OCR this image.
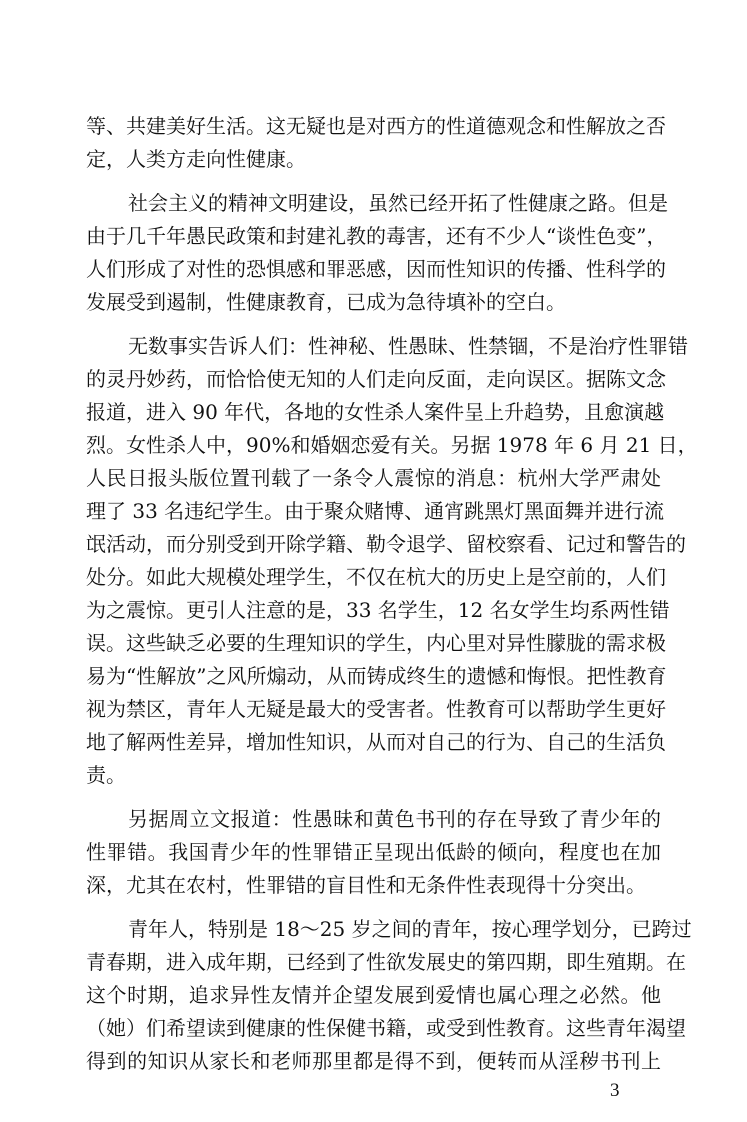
等、共建美好生活。这无疑也是对西方的性道德观念和性解放之否
定，人类方走向性健康。
社会主义的精神文明建设，虽然已经开拓了性健康之路。但是
由于几千年愚民政策和封建礼教的毒害，还有不少人“谈性色变”，
人们形成了对性的恐惧感和罪恶感，因而性知识的传播、性科学的
发展受到遏制，性健康教育，已成为急待填补的空白。
无数事实告诉人们：性神秘、性愚昧、性禁锢，不是治疗性罪错
的灵丹妙药，而恰恰使无知的人们走向反面，走向误区。据陈文念
报道，进入 90 年代，各地的女性杀人案件呈上升趋势，且愈演越
烈。女性杀人中，90%和婚姻恋爱有关。另据 1978 年 6 月 21 日，
人民日报头版位置刊载了一条令人震惊的消息：杭州大学严肃处
理了 33 名违纪学生。由于聚众赌博、通宵跳黑灯黑面舞并进行流
氓活动，而分别受到开除学籍、勒令退学、留校察看、记过和警告的
处分。如此大规模处理学生，不仅在杭大的历史上是空前的，人们
为之震惊。更引人注意的是，33 名学生，12 名女学生均系两性错
误。这些缺乏必要的生理知识的学生，内心里对异性朦胧的需求极
易为“性解放”之风所煽动，从而铸成终生的遗憾和悔恨。把性教育
视为禁区，青年人无疑是最大的受害者。性教育可以帮助学生更好
地了解两性差异，增加性知识，从而对自己的行为、自己的生活负
责。
另据周立文报道：性愚昧和黄色书刊的存在导致了青少年的
性罪错。我国青少年的性罪错正呈现出低龄的倾向，程度也在加
深，尤其在农村，性罪错的盲目性和无条件性表现得十分突出。
青年人，特别是 18～25 岁之间的青年，按心理学划分，已跨过
青春期，进入成年期，已经到了性欲发展史的第四期，即生殖期。在
这个时期，追求异性友情并企望发展到爱情也属心理之必然。他
（她）们希望读到健康的性保健书籍，或受到性教育。这些青年渴望
得到的知识从家长和老师那里都是得不到，便转而从淫秽书刊上
3
